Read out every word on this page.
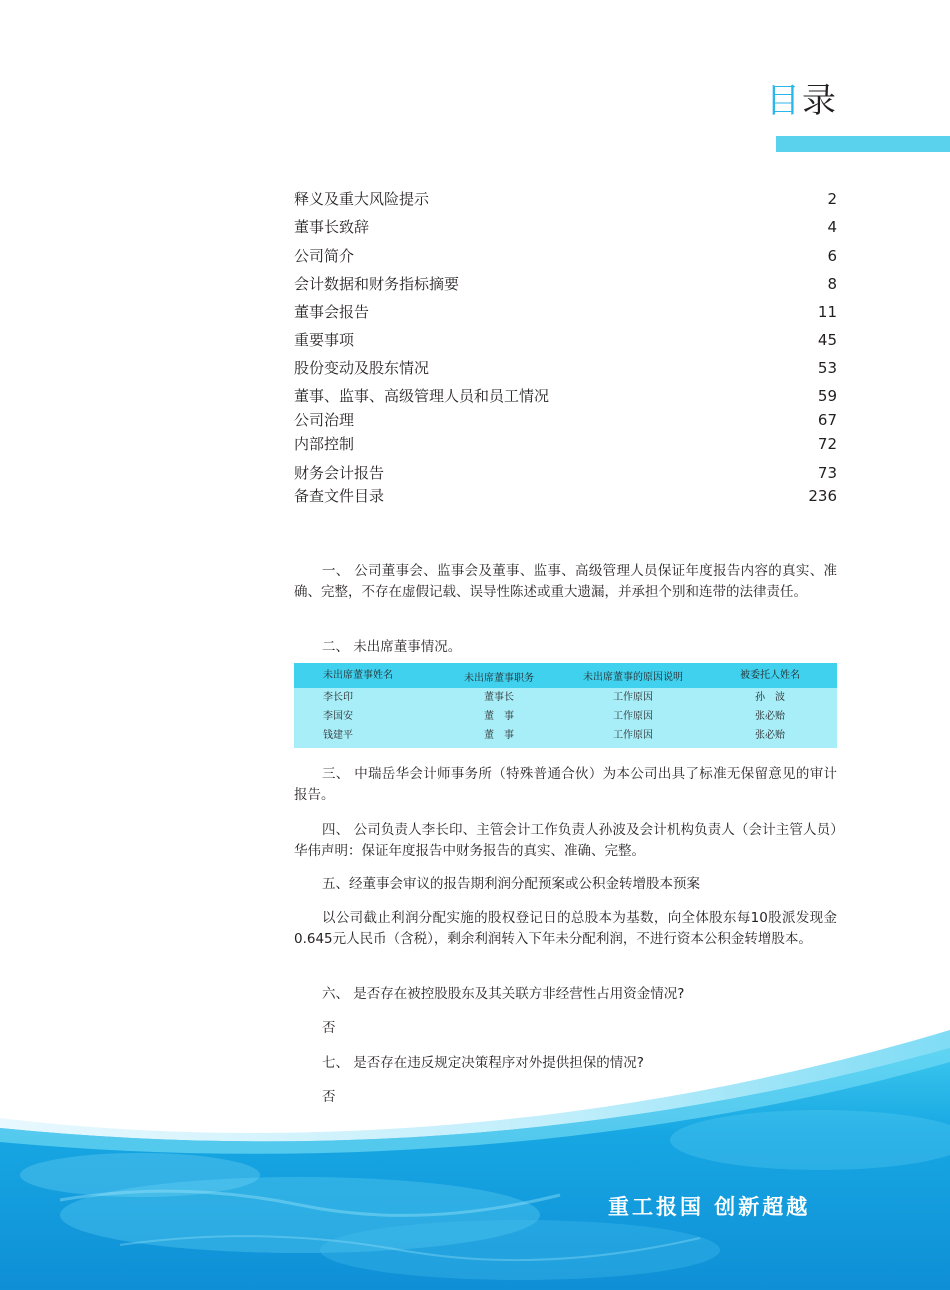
目录
释义及重大风险提示	2
董事长致辞	4
公司简介	6
会计数据和财务指标摘要	8
董事会报告	11
重要事项	45
股份变动及股东情况	53
董事、监事、高级管理人员和员工情况	59
公司治理	67
内部控制	72
财务会计报告	73
备查文件目录	236
一、 公司董事会、监事会及董事、监事、高级管理人员保证年度报告内容的真实、准确、完整，不存在虚假记载、误导性陈述或重大遗漏，并承担个别和连带的法律责任。
二、 未出席董事情况。
未出席董事姓名	未出席董事职务	未出席董事的原因说明	被委托人姓名
李长印	董事长	工作原因	孙　波
李国安	董　事	工作原因	张必贻
钱建平	董　事	工作原因	张必贻
三、 中瑞岳华会计师事务所（特殊普通合伙）为本公司出具了标准无保留意见的审计报告。
四、 公司负责人李长印、主管会计工作负责人孙波及会计机构负责人（会计主管人员）华伟声明：保证年度报告中财务报告的真实、准确、完整。
五、经董事会审议的报告期利润分配预案或公积金转增股本预案
以公司截止利润分配实施的股权登记日的总股本为基数，向全体股东每10股派发现金0.645元人民币（含税），剩余利润转入下年未分配利润，不进行资本公积金转增股本。
六、 是否存在被控股股东及其关联方非经营性占用资金情况?
否
七、 是否存在违反规定决策程序对外提供担保的情况?
否
重工报国 创新超越
